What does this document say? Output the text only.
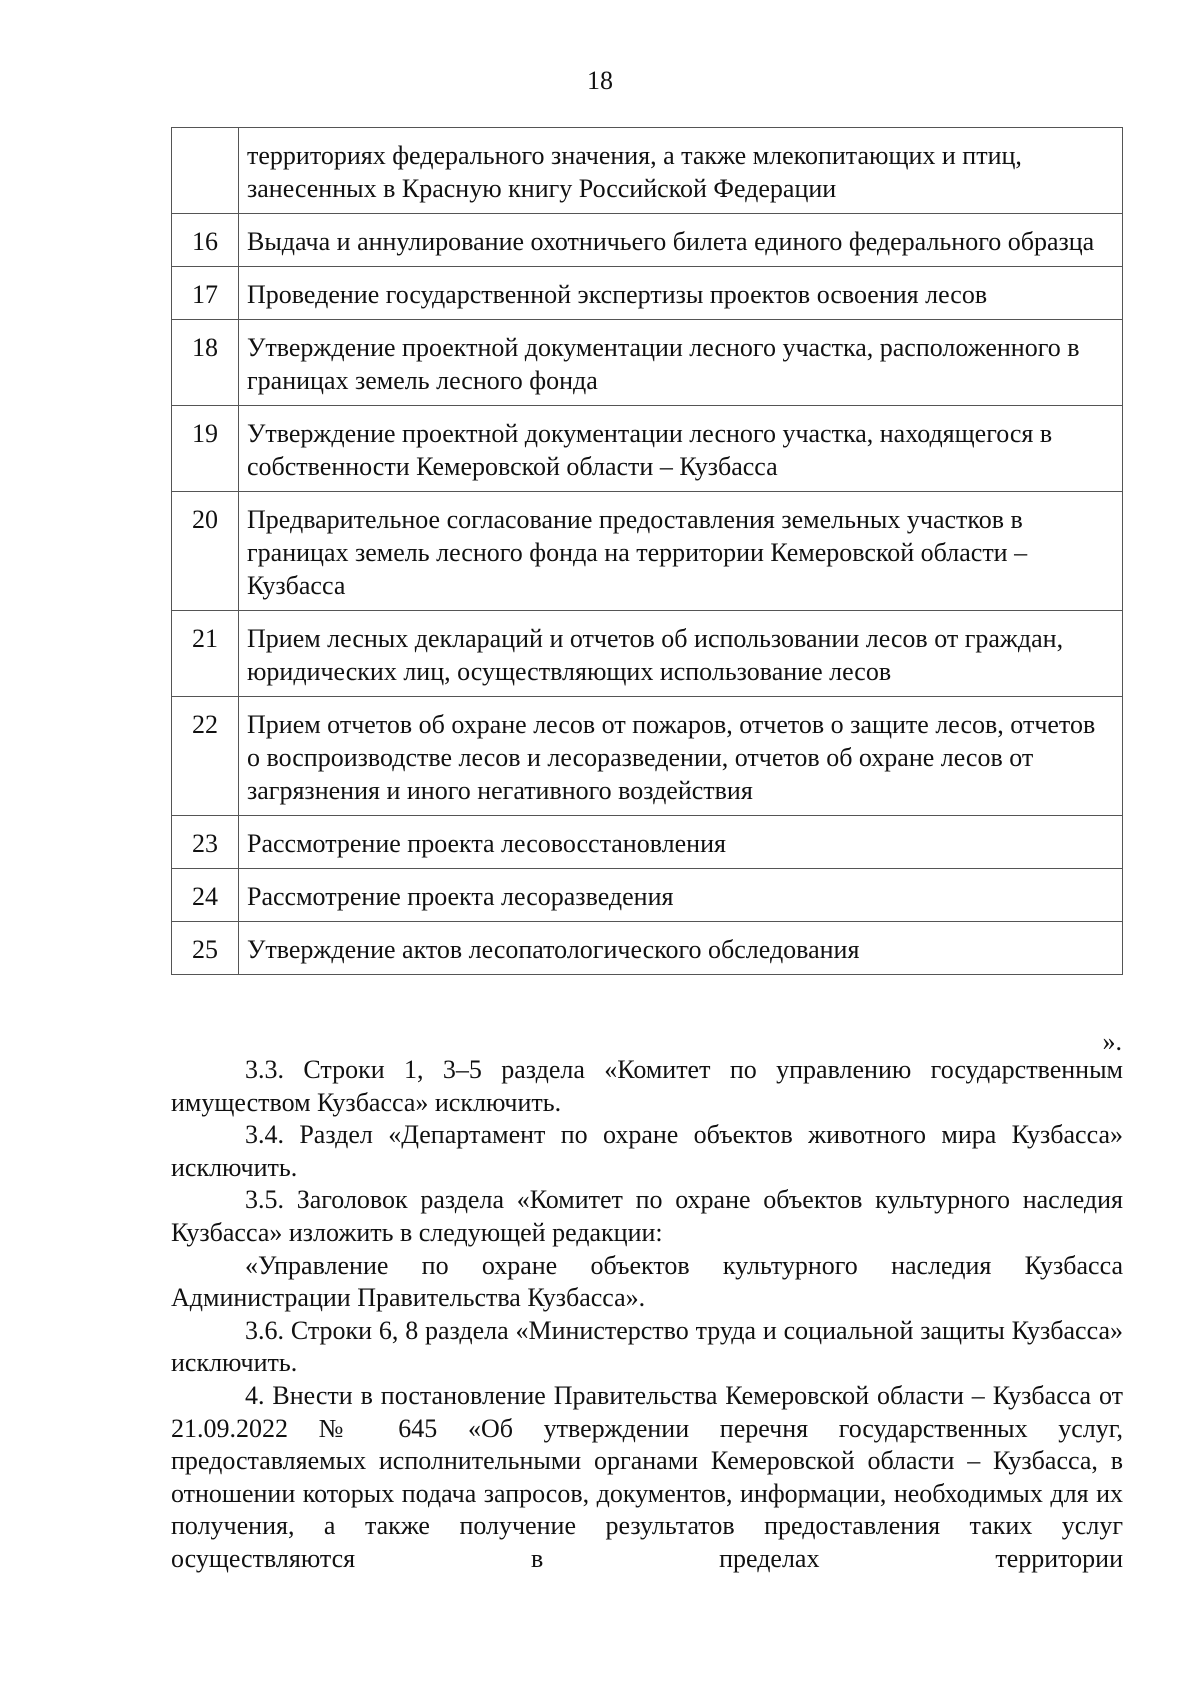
18
	территориях федерального значения, а также млекопитающих и птиц, занесенных в Красную книгу Российской Федерации
16	Выдача и аннулирование охотничьего билета единого федерального образца
17	Проведение государственной экспертизы проектов освоения лесов
18	Утверждение проектной документации лесного участка, расположенного в границах земель лесного фонда
19	Утверждение проектной документации лесного участка, находящегося в собственности Кемеровской области – Кузбасса
20	Предварительное согласование предоставления земельных участков в границах земель лесного фонда на территории Кемеровской области – Кузбасса
21	Прием лесных деклараций и отчетов об использовании лесов от граждан, юридических лиц, осуществляющих использование лесов
22	Прием отчетов об охране лесов от пожаров, отчетов о защите лесов, отчетов о воспроизводстве лесов и лесоразведении, отчетов об охране лесов от загрязнения и иного негативного воздействия
23	Рассмотрение проекта лесовосстановления
24	Рассмотрение проекта лесоразведения
25	Утверждение актов лесопатологического обследования
».

3.3. Строки 1, 3–5 раздела «Комитет по управлению государственным имуществом Кузбасса» исключить.

3.4. Раздел «Департамент по охране объектов животного мира Кузбасса» исключить.

3.5. Заголовок раздела «Комитет по охране объектов культурного наследия Кузбасса» изложить в следующей редакции:

«Управление по охране объектов культурного наследия Кузбасса Администрации Правительства Кузбасса».

3.6. Строки 6, 8 раздела «Министерство труда и социальной защиты Кузбасса» исключить.

4. Внести в постановление Правительства Кемеровской области – Кузбасса от 21.09.2022 № 645 «Об утверждении перечня государственных услуг, предоставляемых исполнительными органами Кемеровской области – Кузбасса, в отношении которых подача запросов, документов, информации, необходимых для их получения, а также получение результатов предоставления таких услуг осуществляются в пределах территории
